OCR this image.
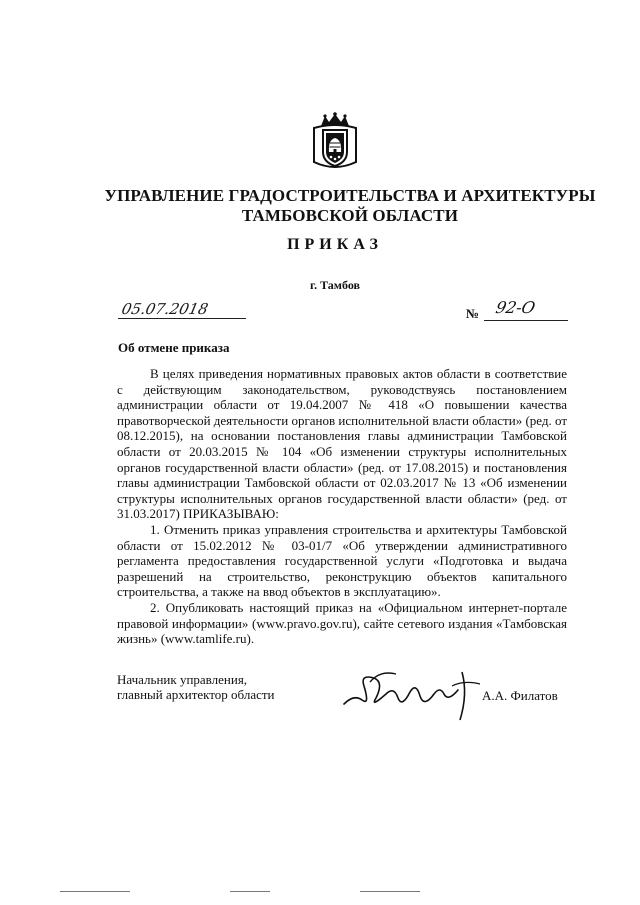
УПРАВЛЕНИЕ ГРАДОСТРОИТЕЛЬСТВА И АРХИТЕКТУРЫ
ТАМБОВСКОЙ ОБЛАСТИ
ПРИКАЗ
г. Тамбов
05.07.2018	№ 92-О
Об отмене приказа

В целях приведения нормативных правовых актов области в соответствие с действующим законодательством, руководствуясь постановлением администрации области от 19.04.2007 № 418 «О повышении качества правотворческой деятельности органов исполнительной власти области» (ред. от 08.12.2015), на основании постановления главы администрации Тамбовской области от 20.03.2015 № 104 «Об изменении структуры исполнительных органов государственной власти области» (ред. от 17.08.2015) и постановления главы администрации Тамбовской области от 02.03.2017 № 13 «Об изменении структуры исполнительных органов государственной власти области» (ред. от 31.03.2017) ПРИКАЗЫВАЮ:

1. Отменить приказ управления строительства и архитектуры Тамбовской области от 15.02.2012 № 03-01/7 «Об утверждении административного регламента предоставления государственной услуги «Подготовка и выдача разрешений на строительство, реконструкцию объектов капитального строительства, а также на ввод объектов в эксплуатацию».

2. Опубликовать настоящий приказ на «Официальном интернет-портале правовой информации» (www.pravo.gov.ru), сайте сетевого издания «Тамбовская жизнь» (www.tamlife.ru).

Начальник управления,
главный архитектор области	А.А. Филатов
